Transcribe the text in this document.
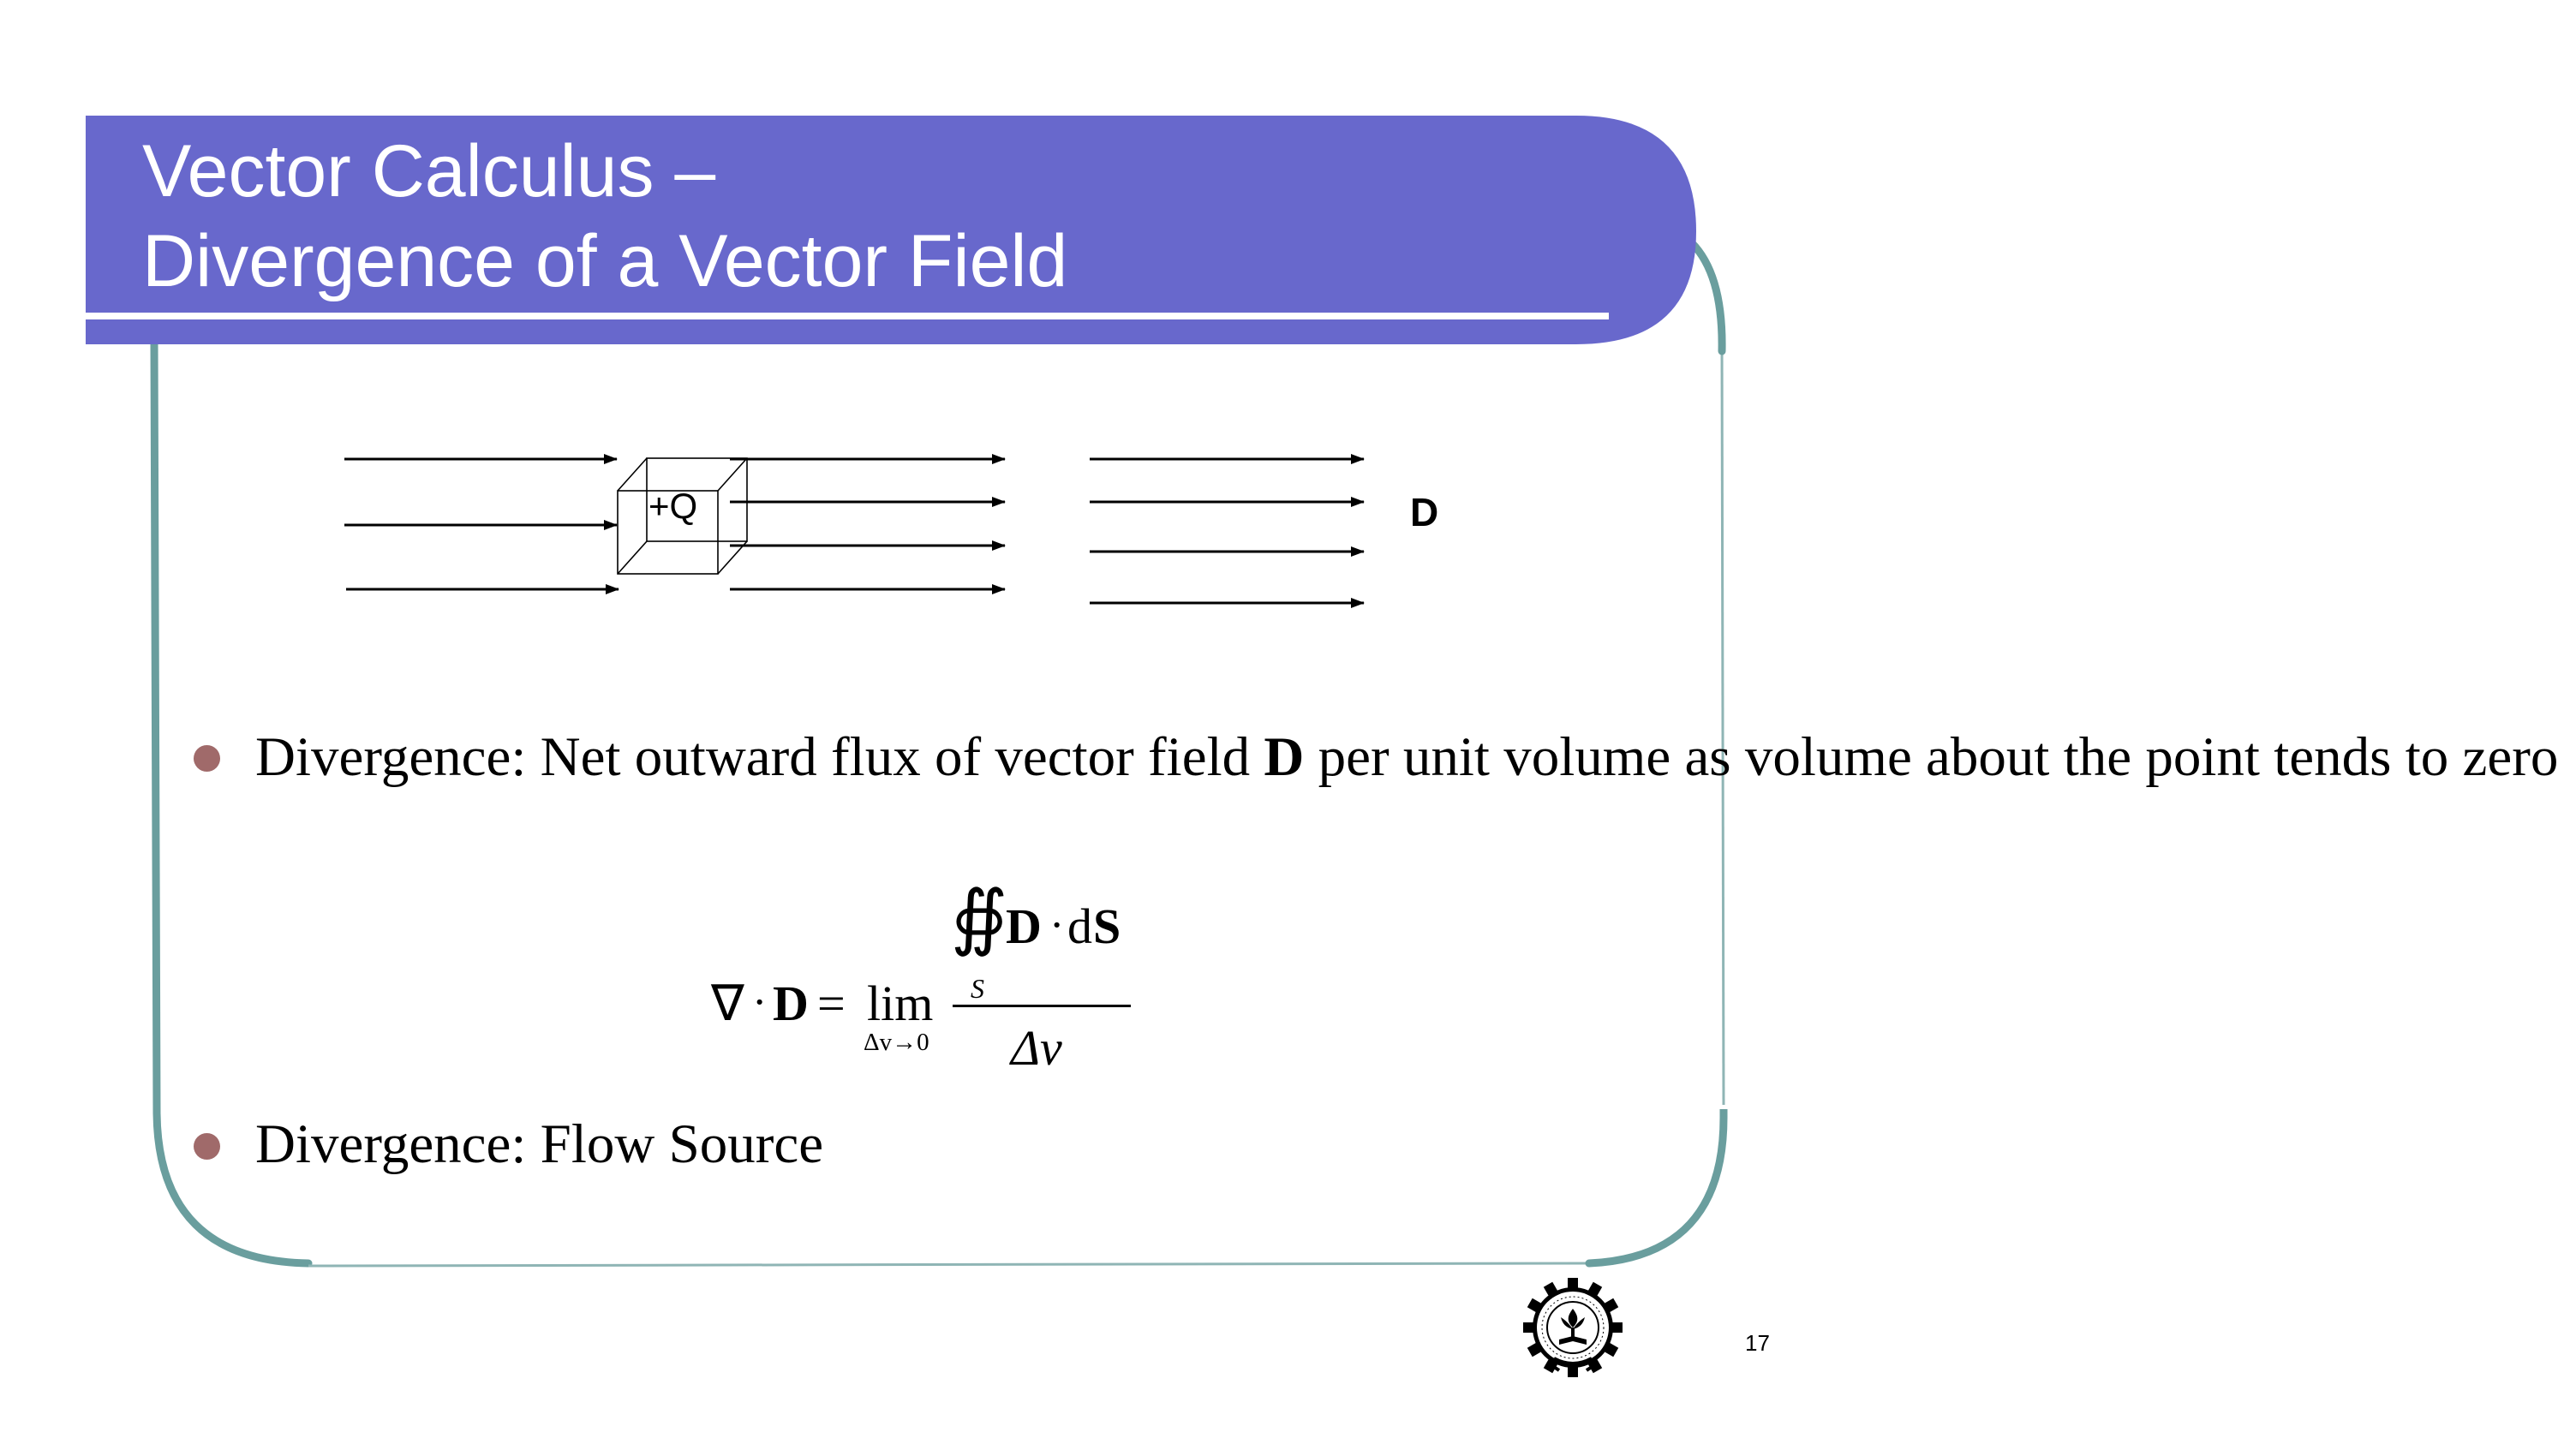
Vector Calculus –
Divergence of a Vector Field
+Q	D
Divergence: Net outward flux of vector field D per unit volume as volume about the point tends to zero
∇ · D = lim
Δv→0
∯
D · d S
S
Δv
Divergence: Flow Source
17
